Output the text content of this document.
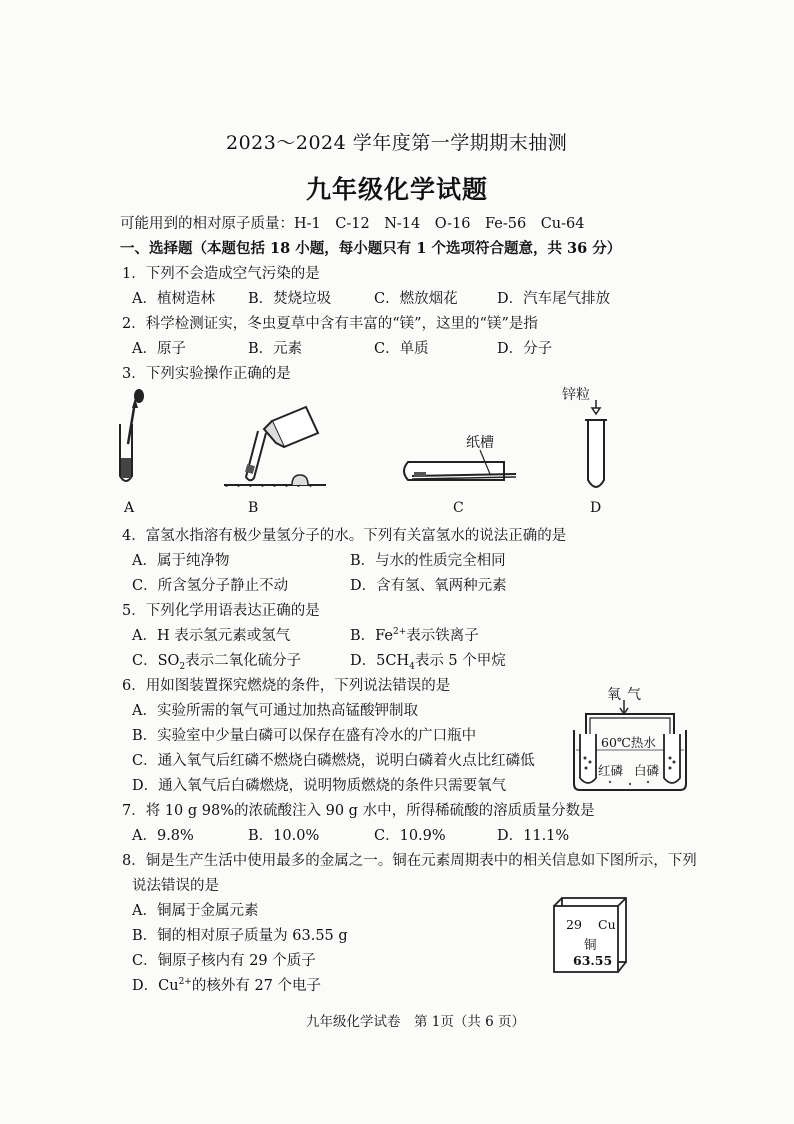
2023～2024 学年度第一学期期末抽测
九年级化学试题
可能用到的相对原子质量：H-1　C-12　N-14　O-16　Fe-56　Cu-64
一、选择题（本题包括 18 小题，每小题只有 1 个选项符合题意，共 36 分）
1．下列不会造成空气污染的是
A．植树造林 B．焚烧垃圾	C．燃放烟花	D．汽车尾气排放
2．科学检测证实，冬虫夏草中含有丰富的“镁”，这里的“镁”是指
A．原子	B．元素	C．单质	D．分子
3．下列实验操作正确的是
A	B
纸槽
C
锌粒
D
4．富氢水指溶有极少量氢分子的水。下列有关富氢水的说法正确的是
A．属于纯净物	B．与水的性质完全相同
C．所含氢分子静止不动	D．含有氢、氧两种元素
5．下列化学用语表达正确的是
A．H 表示氢元素或氢气	B．$Fe^{2+}$表示铁离子
C．$SO_2$表示二氧化硫分子	D．$5CH_4$表示 5 个甲烷
6．用如图装置探究燃烧的条件，下列说法错误的是
A．实验所需的氧气可通过加热高锰酸钾制取
B．实验室中少量白磷可以保存在盛有冷水的广口瓶中
C．通入氧气后红磷不燃烧白磷燃烧，说明白磷着火点比红磷低
D．通入氧气后白磷燃烧，说明物质燃烧的条件只需要氧气
氧气
60℃热水
红磷 白磷
7．将 10 g 98%的浓硫酸注入 90 g 水中，所得稀硫酸的溶质质量分数是
A．9.8%	B．10.0%	C．10.9%	D．11.1%
8．铜是生产生活中使用最多的金属之一。铜在元素周期表中的相关信息如下图所示，下列
说法错误的是
A．铜属于金属元素
B．铜的相对原子质量为 63.55 g
C．铜原子核内有 29 个质子
D．$Cu^{2+}$的核外有 27 个电子
29 Cu
铜
63.55
九年级化学试卷　第 1页（共 6 页）
